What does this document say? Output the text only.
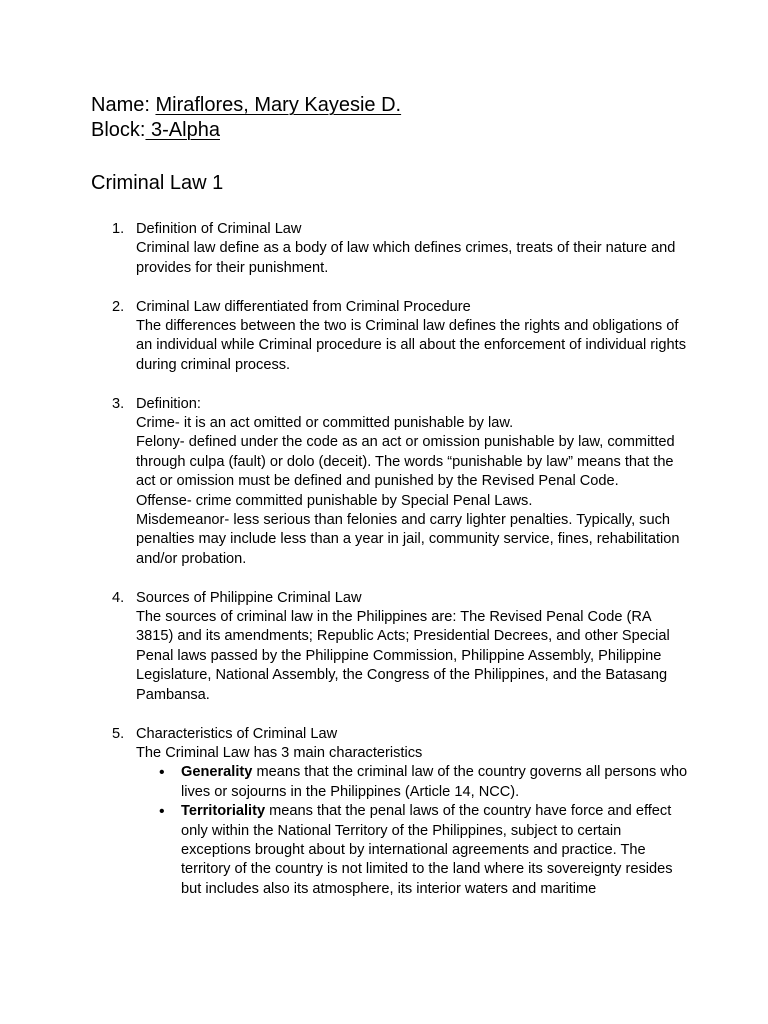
Name: Miraflores, Mary Kayesie D.
Block: 3-Alpha
Criminal Law 1
1. Definition of Criminal Law
Criminal law define as a body of law which defines crimes, treats of their nature and provides for their punishment.
2. Criminal Law differentiated from Criminal Procedure
The differences between the two is Criminal law defines the rights and obligations of an individual while Criminal procedure is all about the enforcement of individual rights during criminal process.
3. Definition:
Crime- it is an act omitted or committed punishable by law.
Felony- defined under the code as an act or omission punishable by law, committed through culpa (fault) or dolo (deceit). The words “punishable by law” means that the act or omission must be defined and punished by the Revised Penal Code.
Offense- crime committed punishable by Special Penal Laws.
Misdemeanor- less serious than felonies and carry lighter penalties. Typically, such penalties may include less than a year in jail, community service, fines, rehabilitation and/or probation.
4. Sources of Philippine Criminal Law
The sources of criminal law in the Philippines are: The Revised Penal Code (RA 3815) and its amendments; Republic Acts; Presidential Decrees, and other Special Penal laws passed by the Philippine Commission, Philippine Assembly, Philippine Legislature, National Assembly, the Congress of the Philippines, and the Batasang Pambansa.
5. Characteristics of Criminal Law
The Criminal Law has 3 main characteristics
• Generality means that the criminal law of the country governs all persons who lives or sojourns in the Philippines (Article 14, NCC).
• Territoriality means that the penal laws of the country have force and effect only within the National Territory of the Philippines, subject to certain exceptions brought about by international agreements and practice. The territory of the country is not limited to the land where its sovereignty resides but includes also its atmosphere, its interior waters and maritime
